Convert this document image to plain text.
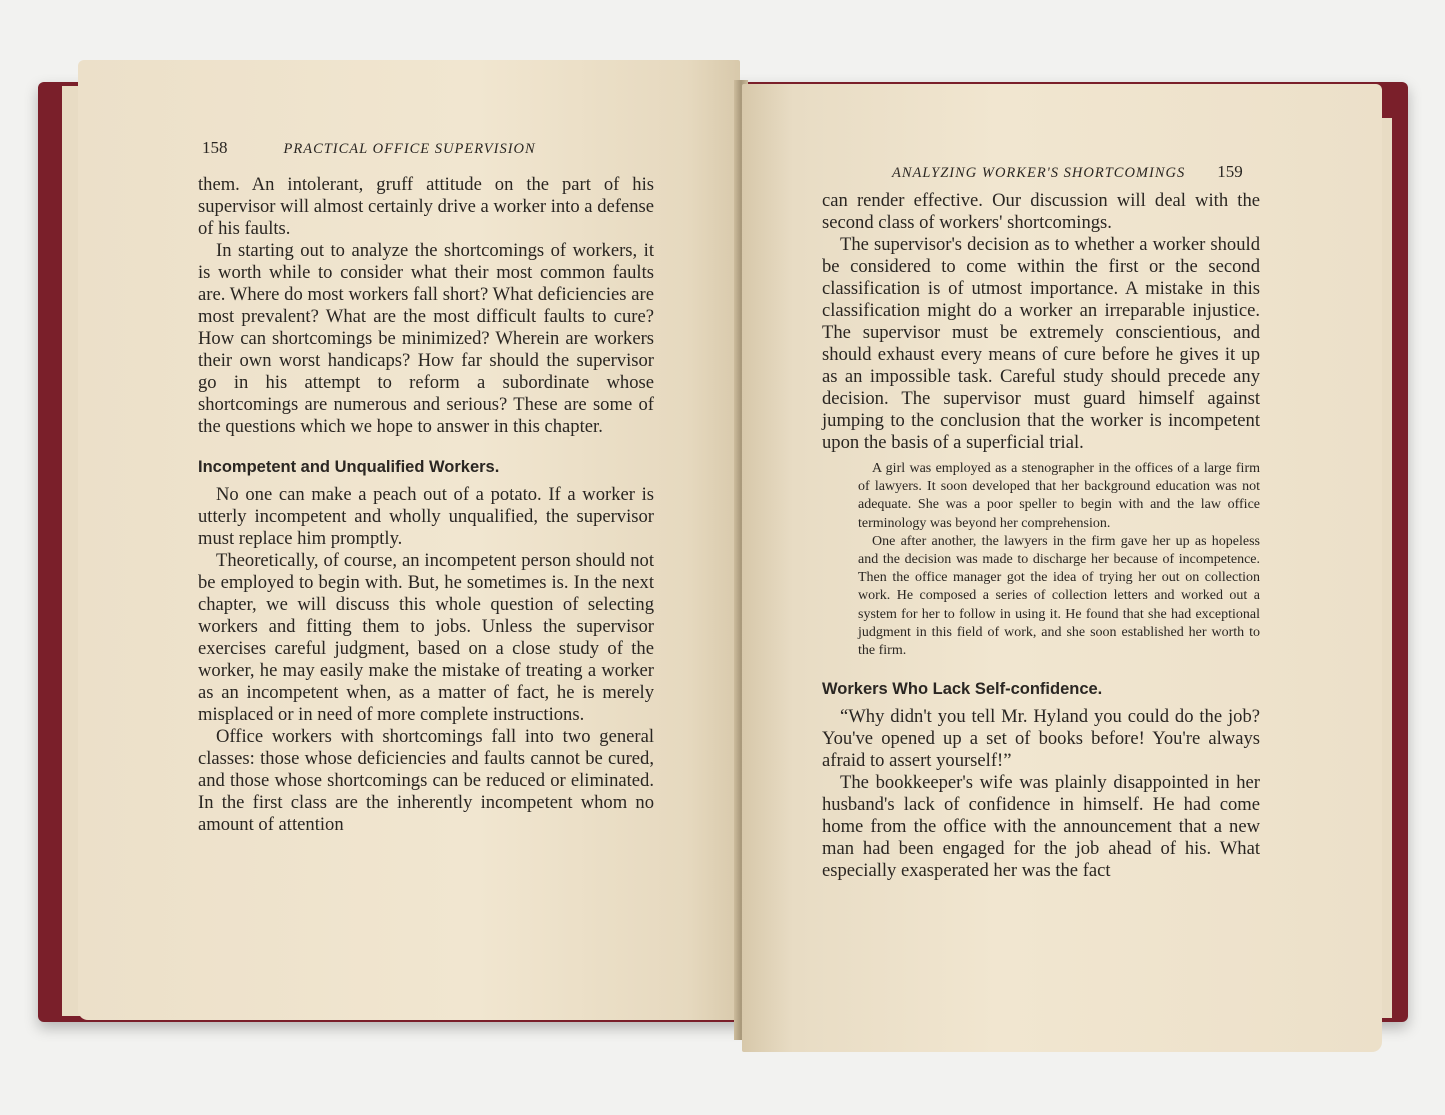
158	PRACTICAL OFFICE SUPERVISION

them. An intolerant, gruff attitude on the part of his supervisor will almost certainly drive a worker into a defense of his faults.

In starting out to analyze the shortcomings of workers, it is worth while to consider what their most common faults are. Where do most workers fall short? What deficiencies are most prevalent? What are the most difficult faults to cure? How can shortcomings be minimized? Wherein are workers their own worst handicaps? How far should the supervisor go in his attempt to reform a subordinate whose shortcomings are numerous and serious? These are some of the questions which we hope to answer in this chapter.

Incompetent and Unqualified Workers.

No one can make a peach out of a potato. If a worker is utterly incompetent and wholly unqualified, the supervisor must replace him promptly.

Theoretically, of course, an incompetent person should not be employed to begin with. But, he sometimes is. In the next chapter, we will discuss this whole question of selecting workers and fitting them to jobs. Unless the supervisor exercises careful judgment, based on a close study of the worker, he may easily make the mistake of treating a worker as an incompetent when, as a matter of fact, he is merely misplaced or in need of more complete instructions.

Office workers with shortcomings fall into two general classes: those whose deficiencies and faults cannot be cured, and those whose shortcomings can be reduced or eliminated. In the first class are the inherently incompetent whom no amount of attention

ANALYZING WORKER'S SHORTCOMINGS 159

can render effective. Our discussion will deal with the second class of workers' shortcomings.

The supervisor's decision as to whether a worker should be considered to come within the first or the second classification is of utmost importance. A mistake in this classification might do a worker an irreparable injustice. The supervisor must be extremely conscientious, and should exhaust every means of cure before he gives it up as an impossible task. Careful study should precede any decision. The supervisor must guard himself against jumping to the conclusion that the worker is incompetent upon the basis of a superficial trial.

A girl was employed as a stenographer in the offices of a large firm of lawyers. It soon developed that her background education was not adequate. She was a poor speller to begin with and the law office terminology was beyond her comprehension.

One after another, the lawyers in the firm gave her up as hopeless and the decision was made to discharge her because of incompetence. Then the office manager got the idea of trying her out on collection work. He composed a series of collection letters and worked out a system for her to follow in using it. He found that she had exceptional judgment in this field of work, and she soon established her worth to the firm.

Workers Who Lack Self-confidence.

“Why didn't you tell Mr. Hyland you could do the job? You've opened up a set of books before! You're always afraid to assert yourself!”

The bookkeeper's wife was plainly disappointed in her husband's lack of confidence in himself. He had come home from the office with the announcement that a new man had been engaged for the job ahead of his. What especially exasperated her was the fact
